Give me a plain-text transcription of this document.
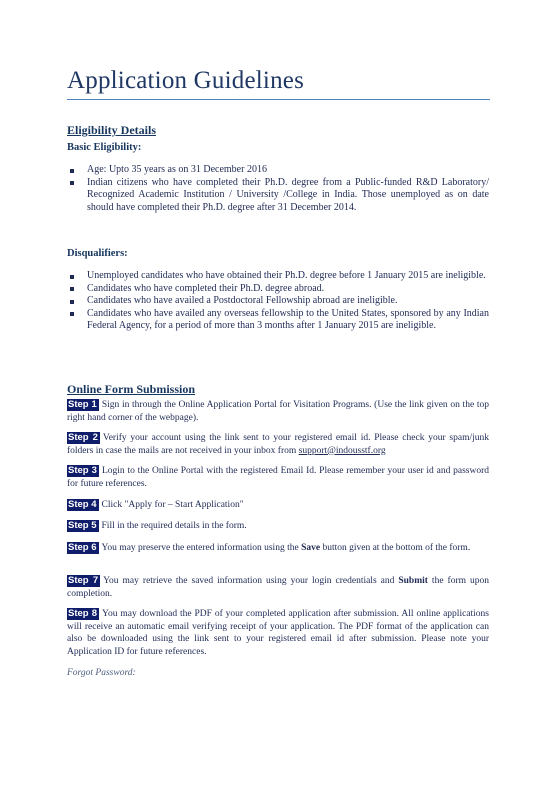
Application Guidelines
Eligibility Details
Basic Eligibility:
Age: Upto 35 years as on 31 December 2016
Indian citizens who have completed their Ph.D. degree from a Public-funded R&D Laboratory/ Recognized Academic Institution / University /College in India. Those unemployed as on date should have completed their Ph.D. degree after 31 December 2014.
Disqualifiers:
Unemployed candidates who have obtained their Ph.D. degree before 1 January 2015 are ineligible.
Candidates who have completed their Ph.D. degree abroad.
Candidates who have availed a Postdoctoral Fellowship abroad are ineligible.
Candidates who have availed any overseas fellowship to the United States, sponsored by any Indian Federal Agency, for a period of more than 3 months after 1 January 2015 are ineligible.
Online Form Submission

Step 1 Sign in through the Online Application Portal for Visitation Programs. (Use the link given on the top right hand corner of the webpage).

Step 2 Verify your account using the link sent to your registered email id. Please check your spam/junk folders in case the mails are not received in your inbox from support@indousstf.org

Step 3 Login to the Online Portal with the registered Email Id. Please remember your user id and password for future references.

Step 4 Click "Apply for – Start Application"

Step 5 Fill in the required details in the form.

Step 6 You may preserve the entered information using the Save button given at the bottom of the form.

Step 7 You may retrieve the saved information using your login credentials and Submit the form upon completion.

Step 8 You may download the PDF of your completed application after submission. All online applications will receive an automatic email verifying receipt of your application. The PDF format of the application can also be downloaded using the link sent to your registered email id after submission. Please note your Application ID for future references.

Forgot Password:
